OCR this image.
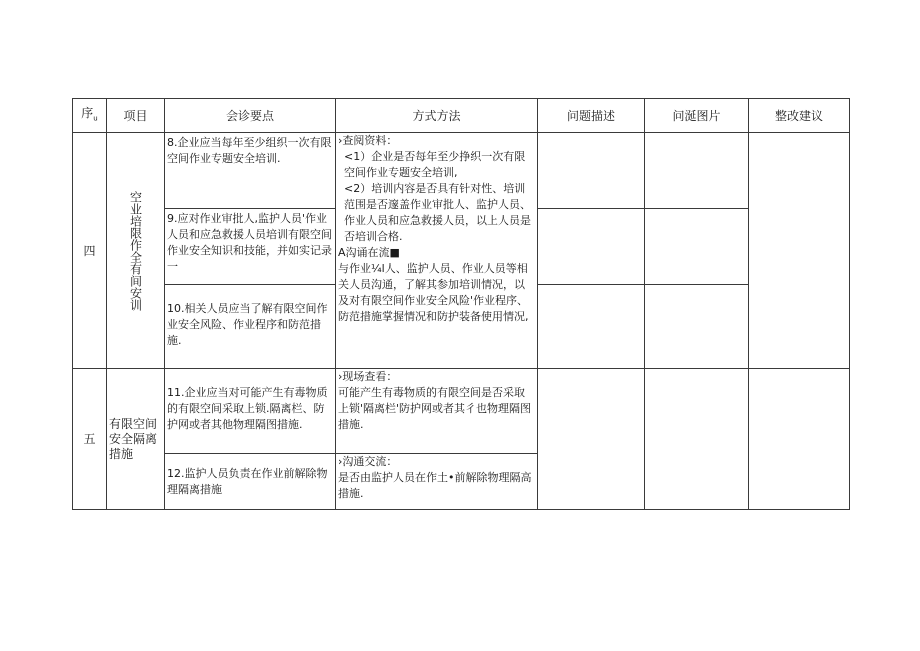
序$_u$	项目	会诊要点	方式方法	问题描述	问涎图片	整改建议
四	空业培限作全有间安训	8.企业应当每年至少组织一次有限空间作业专题安全培训.	›查阅资料：
<1）企业是否每年至少挣织一次有限空间作业专题安全培训,
<2）培训内容是否具有针对性、培训范围是否邃盖作业审批人、监护人员、作业人员和应急救援人员，以上人员是否培训合格.
A沟诵在流■
与作业¼l人、监护人员、作业人员等相关人员沟通，了解其参加培训情况，以及对有限空间作业安全风险'作业程序、防范措施掌握情况和防护装备使用情况,			

		9.应对作业审批人,监护人员'作业人员和应急救援人员培训有限空间作业安全知识和技能，并如实记录一				
		10.相关人员应当了解有限空间作业安全风险、作业程序和防范措施.				
五	有限空间安全隔离措施	11.企业应当对可能产生有毒物质的有限空间采取上锁.隔离栏、防护网或者其他物理隔图措施.	›现场查看：
可能产生有毒物质的有限空间是否采取上锁'隔离栏'防护网或者其彳也物理隔图措施.			

		12.监护人员负责在作业前解除物理隔离措施	›沟通交流：
是否由监护人员在作土•前解除物理隔高措施.			
